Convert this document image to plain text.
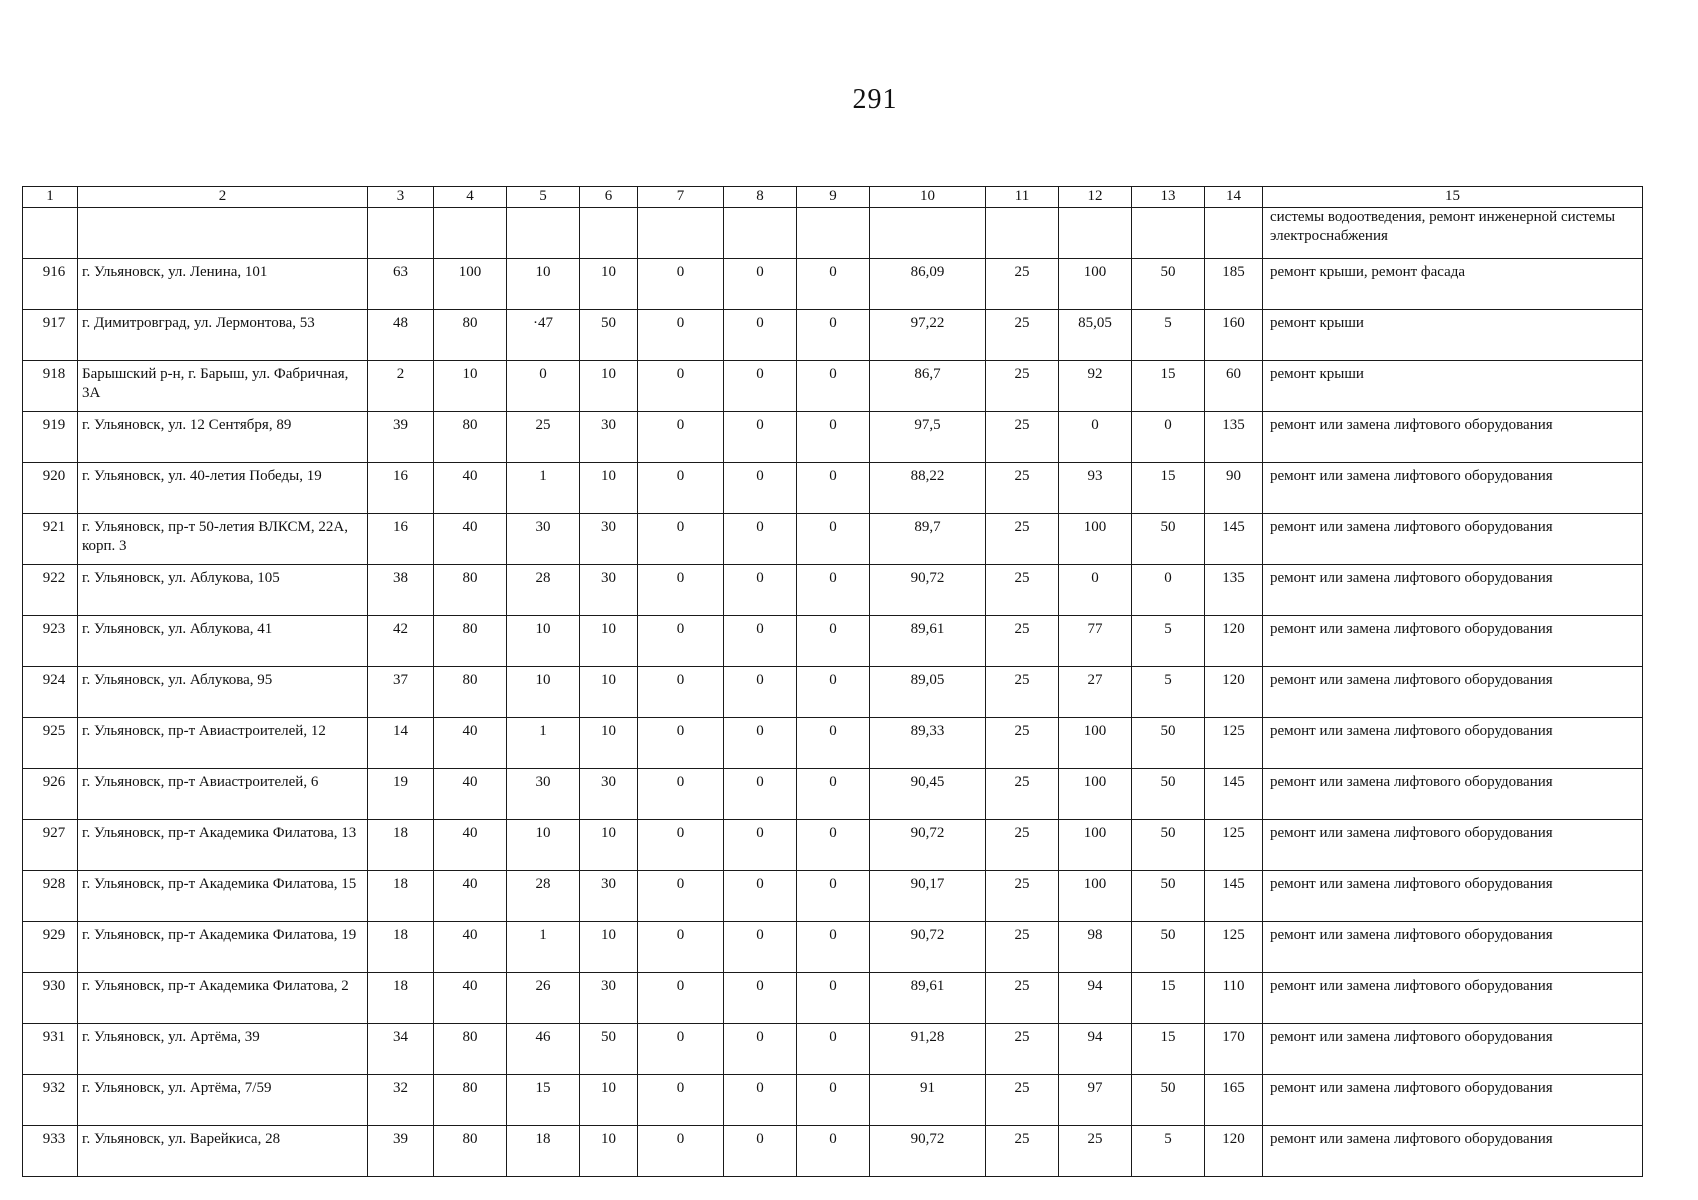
291
1	2	3	4	5	6	7	8	9	10	11	12	13	14	15
														системы водоотведения, ремонт инженерной системы электроснабжения
916	г. Ульяновск, ул. Ленина, 101	63	100	10	10	0	0	0	86,09	25	100	50	185	ремонт крыши, ремонт фасада
917	г. Димитровград, ул. Лермонтова, 53	48	80	·47	50	0	0	0	97,22	25	85,05	5	160	ремонт крыши
918	Барышский р-н, г. Барыш, ул. Фабричная, 3А	2	10	0	10	0	0	0	86,7	25	92	15	60	ремонт крыши
919	г. Ульяновск, ул. 12 Сентября, 89	39	80	25	30	0	0	0	97,5	25	0	0	135	ремонт или замена лифтового оборудования
920	г. Ульяновск, ул. 40-летия Победы, 19	16	40	1	10	0	0	0	88,22	25	93	15	90	ремонт или замена лифтового оборудования
921	г. Ульяновск, пр-т 50-летия ВЛКСМ, 22А, корп. 3	16	40	30	30	0	0	0	89,7	25	100	50	145	ремонт или замена лифтового оборудования
922	г. Ульяновск, ул. Аблукова, 105	38	80	28	30	0	0	0	90,72	25	0	0	135	ремонт или замена лифтового оборудования
923	г. Ульяновск, ул. Аблукова, 41	42	80	10	10	0	0	0	89,61	25	77	5	120	ремонт или замена лифтового оборудования
924	г. Ульяновск, ул. Аблукова, 95	37	80	10	10	0	0	0	89,05	25	27	5	120	ремонт или замена лифтового оборудования
925	г. Ульяновск, пр-т Авиастроителей, 12	14	40	1	10	0	0	0	89,33	25	100	50	125	ремонт или замена лифтового оборудования
926	г. Ульяновск, пр-т Авиастроителей, 6	19	40	30	30	0	0	0	90,45	25	100	50	145	ремонт или замена лифтового оборудования
927	г. Ульяновск, пр-т Академика Филатова, 13	18	40	10	10	0	0	0	90,72	25	100	50	125	ремонт или замена лифтового оборудования
928	г. Ульяновск, пр-т Академика Филатова, 15	18	40	28	30	0	0	0	90,17	25	100	50	145	ремонт или замена лифтового оборудования
929	г. Ульяновск, пр-т Академика Филатова, 19	18	40	1	10	0	0	0	90,72	25	98	50	125	ремонт или замена лифтового оборудования
930	г. Ульяновск, пр-т Академика Филатова, 2	18	40	26	30	0	0	0	89,61	25	94	15	110	ремонт или замена лифтового оборудования
931	г. Ульяновск, ул. Артёма, 39	34	80	46	50	0	0	0	91,28	25	94	15	170	ремонт или замена лифтового оборудования
932	г. Ульяновск, ул. Артёма, 7/59	32	80	15	10	0	0	0	91	25	97	50	165	ремонт или замена лифтового оборудования
933	г. Ульяновск, ул. Варейкиса, 28	39	80	18	10	0	0	0	90,72	25	25	5	120	ремонт или замена лифтового оборудования
